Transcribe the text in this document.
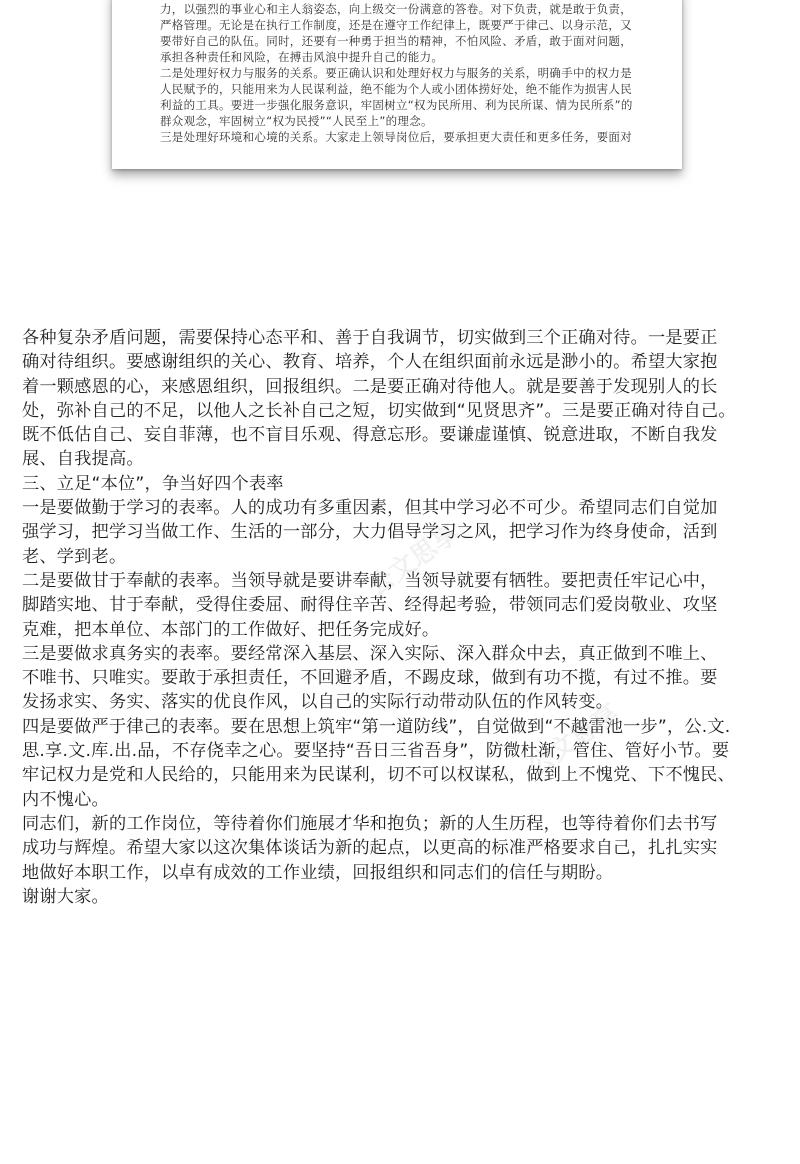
力，以强烈的事业心和主人翁姿态，向上级交一份满意的答卷。对下负责，就是敢于负责，

严格管理。无论是在执行工作制度，还是在遵守工作纪律上，既要严于律己、以身示范，又

要带好自己的队伍。同时，还要有一种勇于担当的精神，不怕风险、矛盾，敢于面对问题，

承担各种责任和风险，在搏击风浪中提升自己的能力。

二是处理好权力与服务的关系。要正确认识和处理好权力与服务的关系，明确手中的权力是

人民赋予的，只能用来为人民谋利益，绝不能为个人或小团体捞好处，绝不能作为损害人民

利益的工具。要进一步强化服务意识，牢固树立“权为民所用、利为民所谋、情为民所系”的

群众观念，牢固树立“权为民授”“人民至上”的理念。

三是处理好环境和心境的关系。大家走上领导岗位后，要承担更大责任和更多任务，要面对

公文思享
公文思享

各种复杂矛盾问题，需要保持心态平和、善于自我调节，切实做到三个正确对待。一是要正

确对待组织。要感谢组织的关心、教育、培养，个人在组织面前永远是渺小的。希望大家抱

着一颗感恩的心，来感恩组织，回报组织。二是要正确对待他人。就是要善于发现别人的长

处，弥补自己的不足，以他人之长补自己之短，切实做到“见贤思齐”。三是要正确对待自己。

既不低估自己、妄自菲薄，也不盲目乐观、得意忘形。要谦虚谨慎、锐意进取，不断自我发

展、自我提高。

三、立足“本位”，争当好四个表率

一是要做勤于学习的表率。人的成功有多重因素，但其中学习必不可少。希望同志们自觉加

强学习，把学习当做工作、生活的一部分，大力倡导学习之风，把学习作为终身使命，活到

老、学到老。

二是要做甘于奉献的表率。当领导就是要讲奉献，当领导就要有牺牲。要把责任牢记心中，

脚踏实地、甘于奉献，受得住委屈、耐得住辛苦、经得起考验，带领同志们爱岗敬业、攻坚

克难，把本单位、本部门的工作做好、把任务完成好。

三是要做求真务实的表率。要经常深入基层、深入实际、深入群众中去，真正做到不唯上、

不唯书、只唯实。要敢于承担责任，不回避矛盾，不踢皮球，做到有功不揽，有过不推。要

发扬求实、务实、落实的优良作风，以自己的实际行动带动队伍的作风转变。

四是要做严于律己的表率。要在思想上筑牢“第一道防线”，自觉做到“不越雷池一步”，公.文.

思.享.文.库.出.品，不存侥幸之心。要坚持“吾日三省吾身”，防微杜渐，管住、管好小节。要

牢记权力是党和人民给的，只能用来为民谋利，切不可以权谋私，做到上不愧党、下不愧民、

内不愧心。

同志们，新的工作岗位，等待着你们施展才华和抱负；新的人生历程，也等待着你们去书写

成功与辉煌。希望大家以这次集体谈话为新的起点，以更高的标准严格要求自己，扎扎实实

地做好本职工作，以卓有成效的工作业绩，回报组织和同志们的信任与期盼。

谢谢大家。
